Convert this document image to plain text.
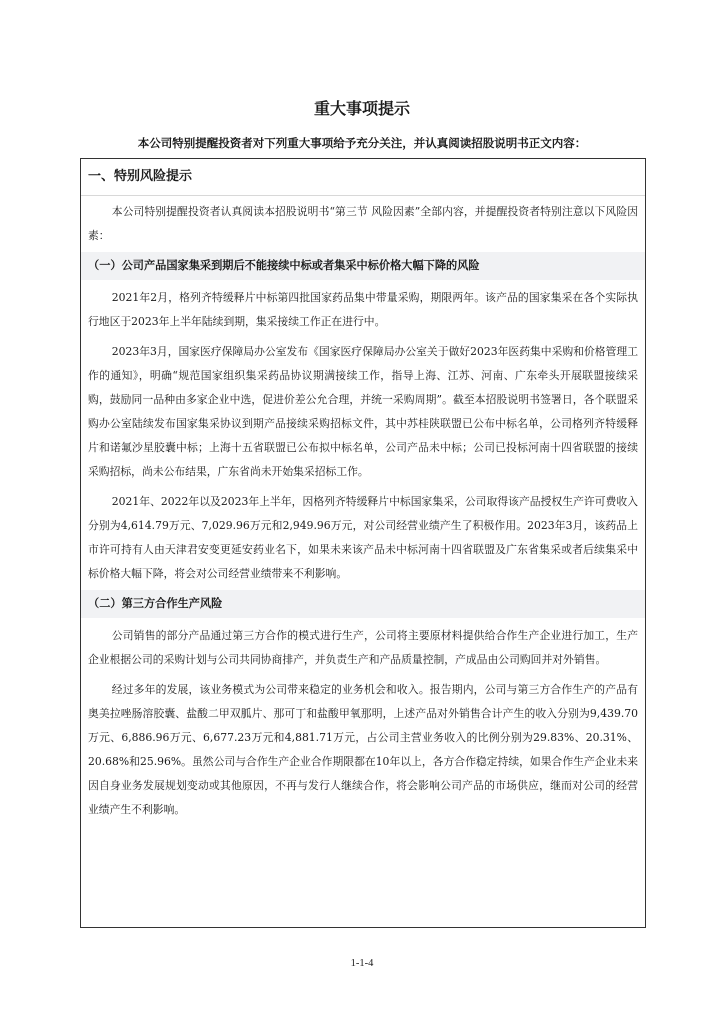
重大事项提示
本公司特别提醒投资者对下列重大事项给予充分关注，并认真阅读招股说明书正文内容：
一、特别风险提示

本公司特别提醒投资者认真阅读本招股说明书“第三节 风险因素”全部内容，并提醒投资者特别注意以下风险因素：

（一）公司产品国家集采到期后不能接续中标或者集采中标价格大幅下降的风险

2021年2月，格列齐特缓释片中标第四批国家药品集中带量采购，期限两年。该产品的国家集采在各个实际执行地区于2023年上半年陆续到期，集采接续工作正在进行中。

2023年3月，国家医疗保障局办公室发布《国家医疗保障局办公室关于做好2023年医药集中采购和价格管理工作的通知》，明确“规范国家组织集采药品协议期满接续工作，指导上海、江苏、河南、广东牵头开展联盟接续采购，鼓励同一品种由多家企业中选，促进价差公允合理，并统一采购周期”。截至本招股说明书签署日，各个联盟采购办公室陆续发布国家集采协议到期产品接续采购招标文件，其中苏桂陕联盟已公布中标名单，公司格列齐特缓释片和诺氟沙星胶囊中标；上海十五省联盟已公布拟中标名单，公司产品未中标；公司已投标河南十四省联盟的接续采购招标，尚未公布结果，广东省尚未开始集采招标工作。

2021年、2022年以及2023年上半年，因格列齐特缓释片中标国家集采，公司取得该产品授权生产许可费收入分别为4,614.79万元、7,029.96万元和2,949.96万元，对公司经营业绩产生了积极作用。2023年3月，该药品上市许可持有人由天津君安变更延安药业名下，如果未来该产品未中标河南十四省联盟及广东省集采或者后续集采中标价格大幅下降，将会对公司经营业绩带来不利影响。

（二）第三方合作生产风险

公司销售的部分产品通过第三方合作的模式进行生产，公司将主要原材料提供给合作生产企业进行加工，生产企业根据公司的采购计划与公司共同协商排产，并负责生产和产品质量控制，产成品由公司购回并对外销售。

经过多年的发展，该业务模式为公司带来稳定的业务机会和收入。报告期内，公司与第三方合作生产的产品有奥美拉唑肠溶胶囊、盐酸二甲双胍片、那可丁和盐酸甲氧那明，上述产品对外销售合计产生的收入分别为9,439.70万元、6,886.96万元、6,677.23万元和4,881.71万元，占公司主营业务收入的比例分别为29.83%、20.31%、20.68%和25.96%。虽然公司与合作生产企业合作期限都在10年以上，各方合作稳定持续，如果合作生产企业未来因自身业务发展规划变动或其他原因，不再与发行人继续合作，将会影响公司产品的市场供应，继而对公司的经营业绩产生不利影响。

1-1-4
